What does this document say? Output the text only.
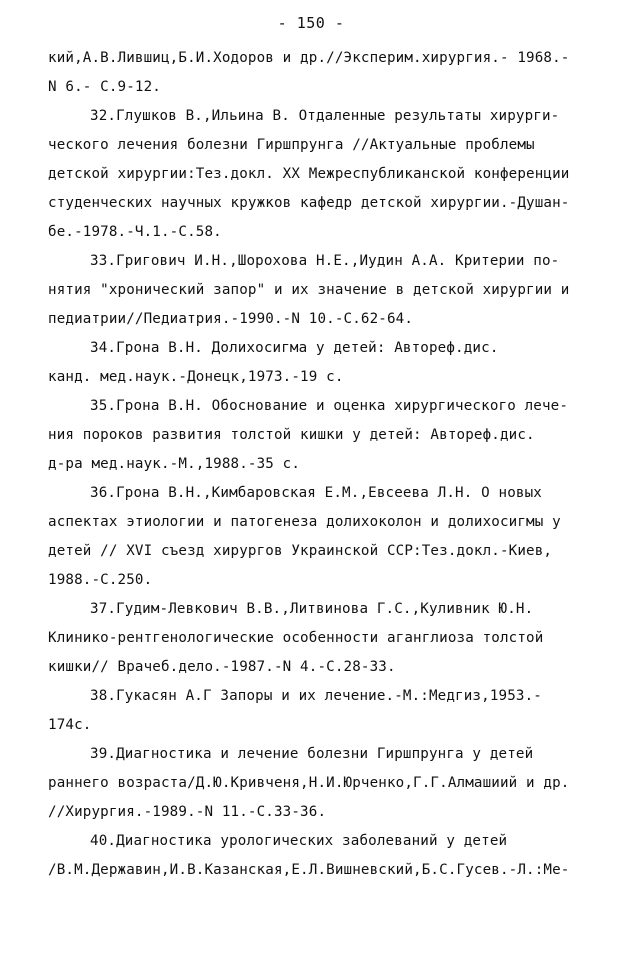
- 150 -
кий,А.В.Лившиц,Б.И.Ходоров и др.//Эксперим.хирургия.- 1968.-
N 6.- С.9-12.
32.Глушков В.,Ильина В. Отдаленные результаты хирурги-
ческого лечения болезни Гиршпрунга //Актуальные проблемы
детской хирургии:Тез.докл. XX Межреспубликанской конференции
студенческих научных кружков кафедр детской хирургии.-Душан-
бе.-1978.-Ч.1.-С.58.
33.Григович И.Н.,Шорохова Н.Е.,Иудин А.А. Критерии по-
нятия "хронический запор" и их значение в детской хирургии и
педиатрии//Педиатрия.-1990.-N 10.-С.62-64.
34.Грона В.Н. Долихосигма у детей: Автореф.дис.
канд. мед.наук.-Донецк,1973.-19 с.
35.Грона В.Н. Обоснование и оценка хирургического лече-
ния пороков развития толстой кишки у детей: Автореф.дис.
д-ра мед.наук.-М.,1988.-35 с.
36.Грона В.Н.,Кимбаровская Е.М.,Евсеева Л.Н. О новых
аспектах этиологии и патогенеза долихоколон и долихосигмы у
детей // XVI съезд хирургов Украинской ССР:Тез.докл.-Киев,
1988.-С.250.
37.Гудим-Левкович В.В.,Литвинова Г.С.,Куливник Ю.Н.
Клинико-рентгенологические особенности аганглиоза толстой
кишки// Врачеб.дело.-1987.-N 4.-С.28-33.
38.Гукасян А.Г Запоры и их лечение.-М.:Медгиз,1953.-
174с.
39.Диагностика и лечение болезни Гиршпрунга у детей
раннего возраста/Д.Ю.Кривченя,Н.И.Юрченко,Г.Г.Алмашиий и др.
//Хирургия.-1989.-N 11.-С.33-36.
40.Диагностика урологических заболеваний у детей
/В.М.Державин,И.В.Казанская,Е.Л.Вишневский,Б.С.Гусев.-Л.:Ме-
